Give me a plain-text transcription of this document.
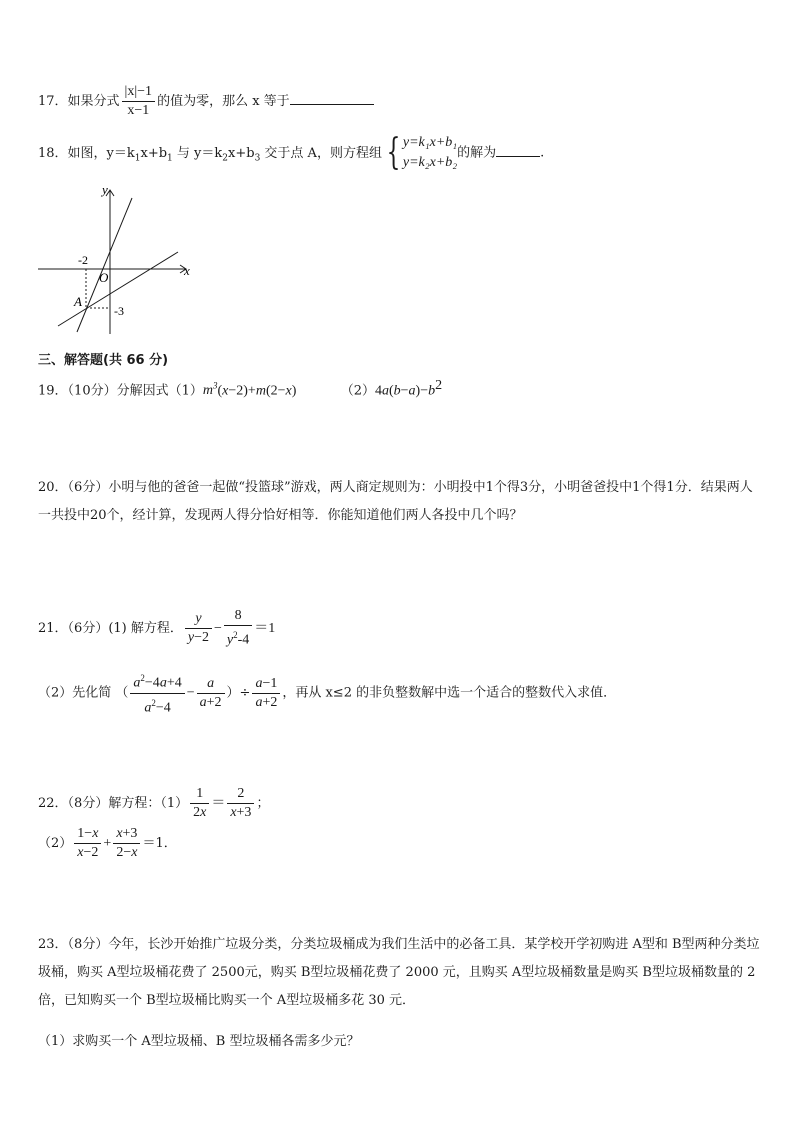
17．如果分式 $\frac{|x|-1}{x-1}$ 的值为零，那么 x 等于
18．如图，$y=k_1x+b_1$ 与 $y=k_2x+b_3$ 交于点 A，则方程组 { y=k₁x+b₁
y=k₂x+b₂
的解为	.
y
x
O
A
-2
-3
三、解答题(共 66 分)
19．（10分）分解因式$(1)m^3(x-2)+m(2-x)$	$(2)4a(b-a)-b^2$
20．（6分）小明与他的爸爸一起做“投篮球”游戏，两人商定规则为：小明投中1个得3分，小明爸爸投中1个得1分．结果两人一共投中20个，经计算，发现两人得分恰好相等．你能知道他们两人各投中几个吗？
21．（6分）(1) 解方程． $\frac{y}{y-2} - \frac{8}{y^2-4} =1$
（2）先化简 （ $\frac{a^2-4a+4}{a^2-4} - \frac{a}{a+2}$ ）÷ $\frac{a-1}{a+2}$ ，再从 x≤2 的非负整数解中选一个适合的整数代入求值．
22．（8分）解方程：$(1) \frac{1}{2x} = \frac{2}{x+3}$ ；
$(2) \frac{1-x}{x-2} + \frac{x+3}{2-x} =1$．
23．（8分）今年，长沙开始推广垃圾分类，分类垃圾桶成为我们生活中的必备工具．某学校开学初购进 A型和 B型两种分类垃圾桶，购买 A型垃圾桶花费了 2500元，购买 B型垃圾桶花费了 2000 元，且购买 A型垃圾桶数量是购买 B型垃圾桶数量的 2 倍，已知购买一个 B型垃圾桶比购买一个 A型垃圾桶多花 30 元．
（1）求购买一个 A型垃圾桶、B 型垃圾桶各需多少元？
